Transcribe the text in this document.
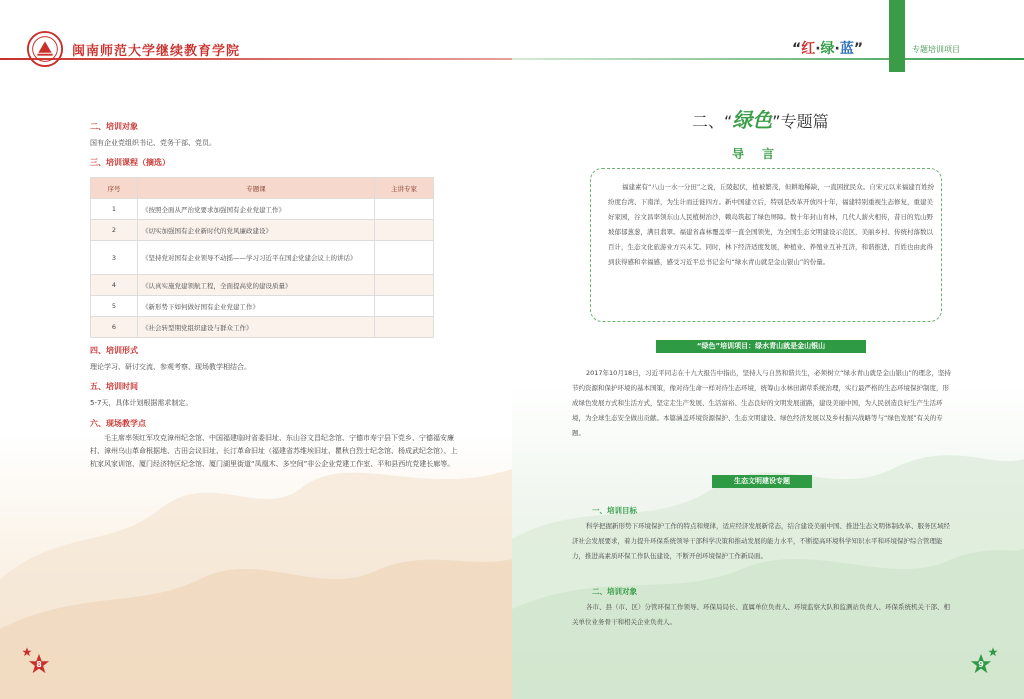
闽南师范大学继续教育学院
二、培训对象
国有企业党组织书记、党务干部、党员。
三、培训课程（摘选）
序号	专题课	主讲专家
1	《按照全面从严治党要求加强国有企业党建工作》	
2	《切实加强国有企业新时代的党风廉政建设》	
3	《坚持党对国有企业领导不动摇——学习习近平在国企党建会议上的讲话》	
4	《认真实施党建领航工程，全面提高党的建设质量》	
5	《新形势下如何做好国有企业党建工作》	
6	《社会转型期党组织建设与群众工作》	
四、培训形式
理论学习、研讨交流、参观考察、现场教学相结合。
五、培训时间
5-7天，具体计划根据需求制定。
六、现场教学点
毛主席率领红军攻克漳州纪念馆、中国福建临时省委旧址、东山谷文昌纪念馆、宁德市寿宁县下党乡、宁德福安廉村、漳州乌山革命根据地、古田会议旧址、长汀革命旧址（福建省苏维埃旧址、瞿秋白烈士纪念馆、杨成武纪念馆）、上杭家风家训馆、厦门经济特区纪念馆、厦门湖里街道“凤凰木、多空间”非公企业党建工作室、平和县西坑党建长廊等。
8
“红·绿·蓝”	专题培训项目
二、“绿色”专题篇
导言
福建素有“八山一水一分田”之说，丘陵起伏，植被繁茂，但耕地稀缺，一直困扰民众。自宋元以来福建百姓纷纷度台湾、下南洋，为生计而迁徙四方。新中国建立后，特别是改革开放四十年，福建特别重视生态修复，重建美好家园，谷文昌率领东山人民植树治沙，赖岛筑起了绿色屏障。数十年封山育林，几代人薪火相传，昔日的荒山野坡郁郁葱葱，满目翡翠。福建省森林覆盖率一直全国领先，为全国生态文明建设示范区，美丽乡村、传统村落数以百计，生态文化旅游业方兴未艾。同时，林下经济适度发展，种植业、养殖业互补互济，和谐推进，百姓也由此得到获得感和幸福感，感受习近平总书记金句“绿水青山就是金山银山”的份量。
“绿色”培训项目：绿水青山就是金山银山
2017年10月18日，习近平同志在十九大报告中指出，坚持人与自然和谐共生，必须树立“绿水青山就是金山银山”的理念，坚持节约资源和保护环境的基本国策，像对待生命一样对待生态环境，统筹山水林田湖草系统治理，实行最严格的生态环境保护制度，形成绿色发展方式和生活方式，坚定走生产发展、生活富裕、生态良好的文明发展道路，建设美丽中国，为人民创造良好生产生活环境，为全球生态安全做出贡献。本篇涵盖环境资源保护、生态文明建设、绿色经济发展以及乡村振兴战略等与“绿色发展”有关的专题。
生态文明建设专题
一、培训目标
科学把握新形势下环境保护工作的特点和规律，适应经济发展新常态，结合建设美丽中国、推进生态文明体制改革、服务区域经济社会发展要求，着力提升环保系统领导干部科学决策和推动发展的能力水平，不断提高环境科学知识水平和环境保护综合管理能力，推进高素质环保工作队伍建设，不断开创环境保护工作新局面。
二、培训对象
各市、县（市、区）分管环保工作领导、环保局局长、直属单位负责人、环境监察大队和监测站负责人、环保系统机关干部、相关单位业务骨干和相关企业负责人。
9
